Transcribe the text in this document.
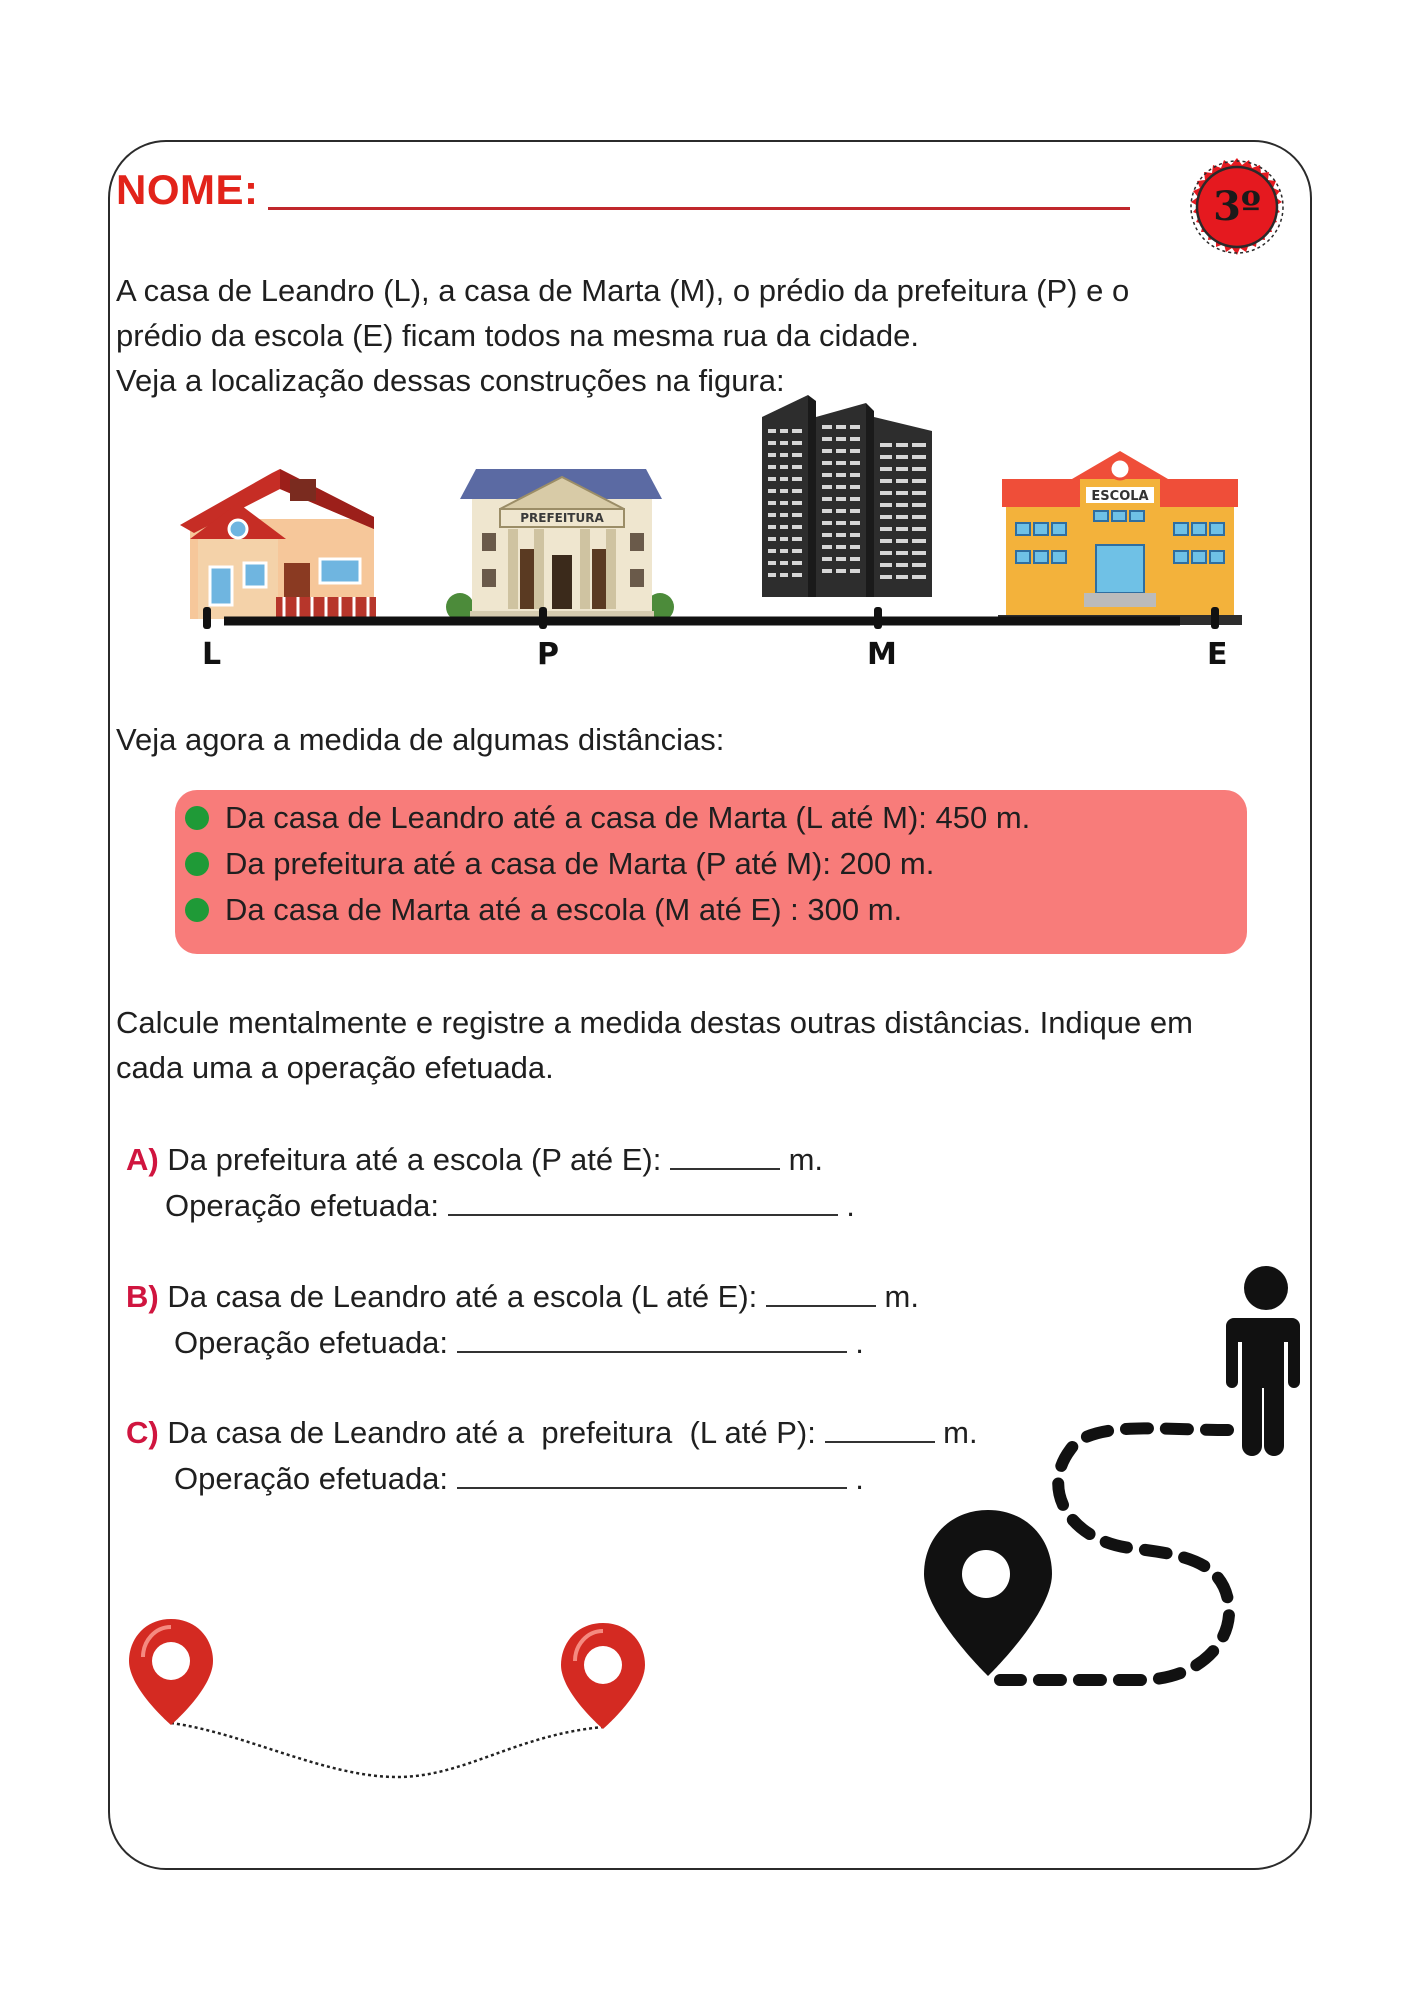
NOME:	3º
A casa de Leandro (L), a casa de Marta (M), o prédio da prefeitura (P) e o
prédio da escola (E) ficam todos na mesma rua da cidade.
Veja a localização dessas construções na figura:
PREFEITURA
ESCOLA
L	P	M	E
Veja agora a medida de algumas distâncias:
Da casa de Leandro até a casa de Marta (L até M): 450 m.
Da prefeitura até a casa de Marta (P até M): 200 m.
Da casa de Marta até a escola (M até E) : 300 m.
Calcule mentalmente e registre a medida destas outras distâncias. Indique em
cada uma a operação efetuada.
A) Da prefeitura até a escola (P até E):	m.
Operação efetuada:	.
B) Da casa de Leandro até a escola (L até E):	m.
Operação efetuada:	.
C) Da casa de Leandro até a  prefeitura  (L até P):	m.
Operação efetuada:	.
